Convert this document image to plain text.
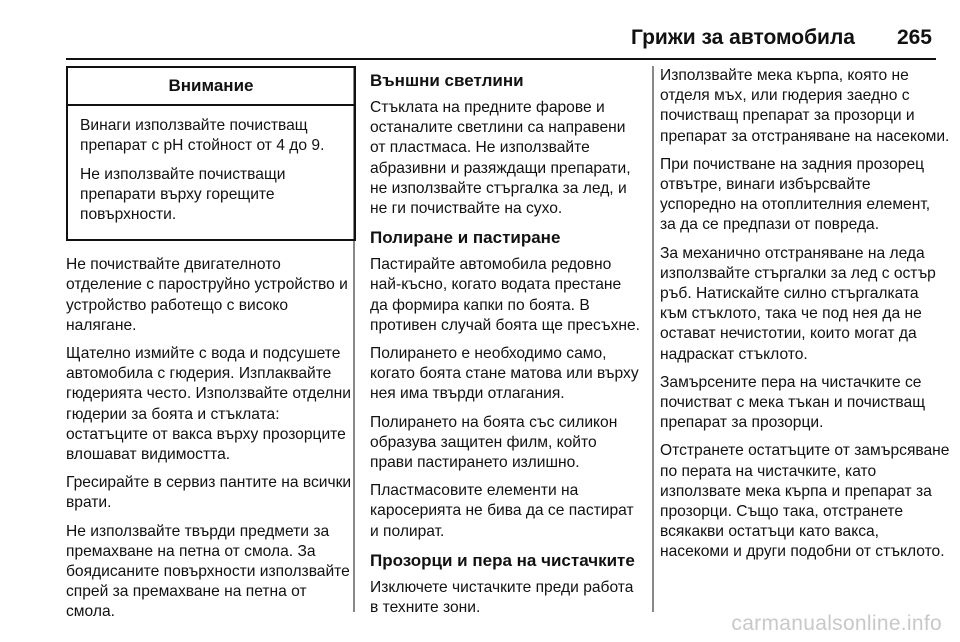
Грижи за автомобила 265
Внимание

Винаги използвайте почистващ препарат с pH стойност от 4 до 9.

Не използвайте почистващи препарати върху горещите повърхности.

Не почиствайте двигателното отделение с пароструйно устройство и устройство работещо с високо налягане.

Щателно измийте с вода и подсушете автомобила с гюдерия. Изплаквайте гюдерията често. Използвайте отделни гюдерии за боята и стъклата: остатъците от вакса върху прозорците влошават видимостта.

Гресирайте в сервиз пантите на всички врати.

Не използвайте твърди предмети за премахване на петна от смола. За боядисаните повърхности използвайте спрей за премахване на петна от смола.

Външни светлини

Стъклата на предните фарове и останалите светлини са направени от пластмаса. Не използвайте абразивни и разяждащи препарати, не използвайте стъргалка за лед, и не ги почиствайте на сухо.

Полиране и пастиране

Пастирайте автомобила редовно най-късно, когато водата престане да формира капки по боята. В противен случай боята ще пресъхне.

Полирането е необходимо само, когато боята стане матова или върху нея има твърди отлагания.

Полирането на боята със силикон образува защитен филм, който прави пастирането излишно.

Пластмасовите елементи на каросерията не бива да се пастират и полират.

Прозорци и пера на чистачките

Изключете чистачките преди работа в техните зони.

Използвайте мека кърпа, която не отделя мъх, или гюдерия заедно с почистващ препарат за прозорци и препарат за отстраняване на насекоми.

При почистване на задния прозорец отвътре, винаги избърсвайте успоредно на отоплителния елемент, за да се предпази от повреда.

За механично отстраняване на леда използвайте стъргалки за лед с остър ръб. Натискайте силно стъргалката към стъклото, така че под нея да не остават нечистотии, които могат да надраскат стъклото.

Замърсените пера на чистачките се почистват с мека тъкан и почистващ препарат за прозорци.

Отстранете остатъците от замърсяване по перата на чистачките, като използвате мека кърпа и препарат за прозорци. Също така, отстранете всякакви остатъци като вакса, насекоми и други подобни от стъклото.

carmanualsonline.info
